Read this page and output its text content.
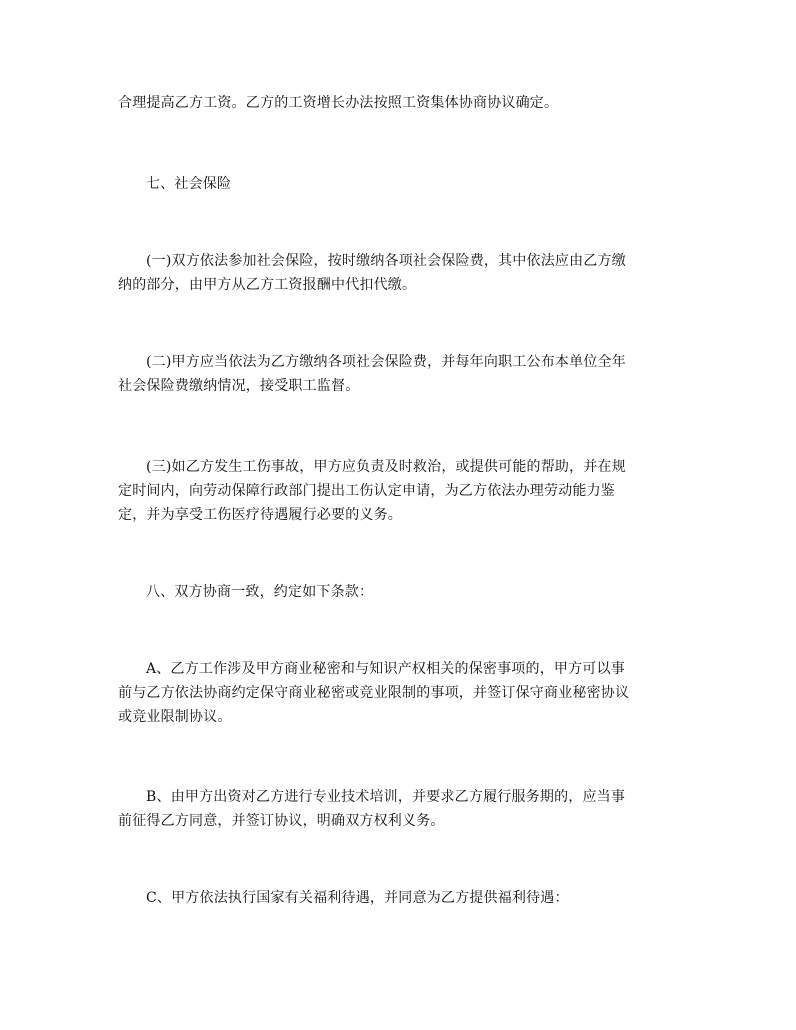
合理提高乙方工资。乙方的工资增长办法按照工资集体协商协议确定。
七、社会保险
(一)双方依法参加社会保险，按时缴纳各项社会保险费，其中依法应由乙方缴
纳的部分，由甲方从乙方工资报酬中代扣代缴。
(二)甲方应当依法为乙方缴纳各项社会保险费，并每年向职工公布本单位全年
社会保险费缴纳情况，接受职工监督。
(三)如乙方发生工伤事故，甲方应负责及时救治，或提供可能的帮助，并在规
定时间内，向劳动保障行政部门提出工伤认定申请，为乙方依法办理劳动能力鉴
定，并为享受工伤医疗待遇履行必要的义务。
八、双方协商一致，约定如下条款：
A、乙方工作涉及甲方商业秘密和与知识产权相关的保密事项的，甲方可以事
前与乙方依法协商约定保守商业秘密或竞业限制的事项，并签订保守商业秘密协议
或竞业限制协议。
B、由甲方出资对乙方进行专业技术培训，并要求乙方履行服务期的，应当事
前征得乙方同意，并签订协议，明确双方权利义务。
C、甲方依法执行国家有关福利待遇，并同意为乙方提供福利待遇：
